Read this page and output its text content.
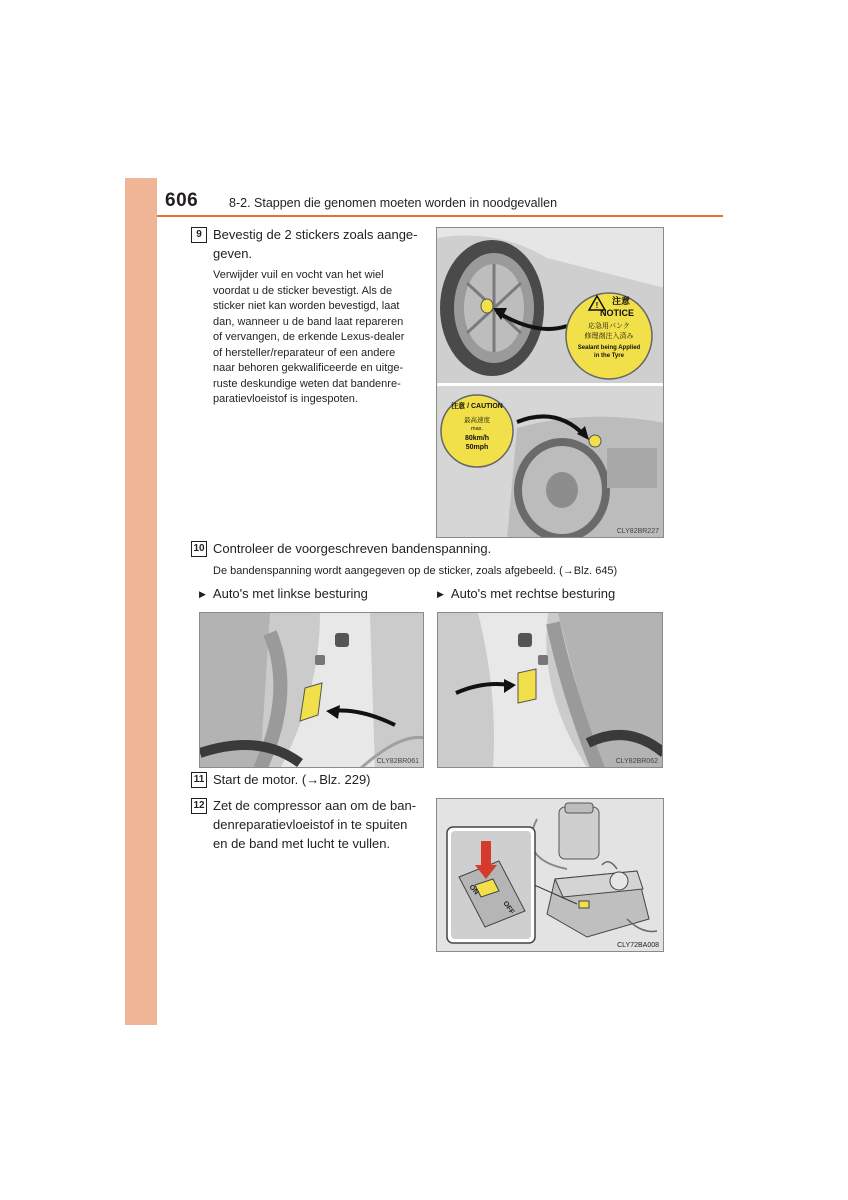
606 8-2. Stappen die genomen moeten worden in noodgevallen
9 Bevestig de 2 stickers zoals aange-geven.
Verwijder vuil en vocht van het wiel
voordat u de sticker bevestigt. Als de
sticker niet kan worden bevestigd, laat
dan, wanneer u de band laat repareren
of vervangen, de erkende Lexus-dealer
of hersteller/reparateur of een andere
naar behoren gekwalificeerde en uitge-
ruste deskundige weten dat bandenre-
paratievloeistof is ingespoten.
! 注意
NOTICE
応急用パンク
修理剤注入済み
Sealant being Applied
in the Tyre
注意 / CAUTION
最高速度
max.
80km/h
50mph
CLY82BR227
10 Controleer de voorgeschreven bandenspanning.
De bandenspanning wordt aangegeven op de sticker, zoals afgebeeld. (→Blz. 645)
▶ Auto's met linkse besturing	▶ Auto's met rechtse besturing
CLY82BR061	CLY82BR062
11 Start de motor. (→Blz. 229)
12 Zet de compressor aan om de ban-
denreparatievloeistof in te spuiten
en de band met lucht te vullen.
ON
OFF
CLY72BA008
